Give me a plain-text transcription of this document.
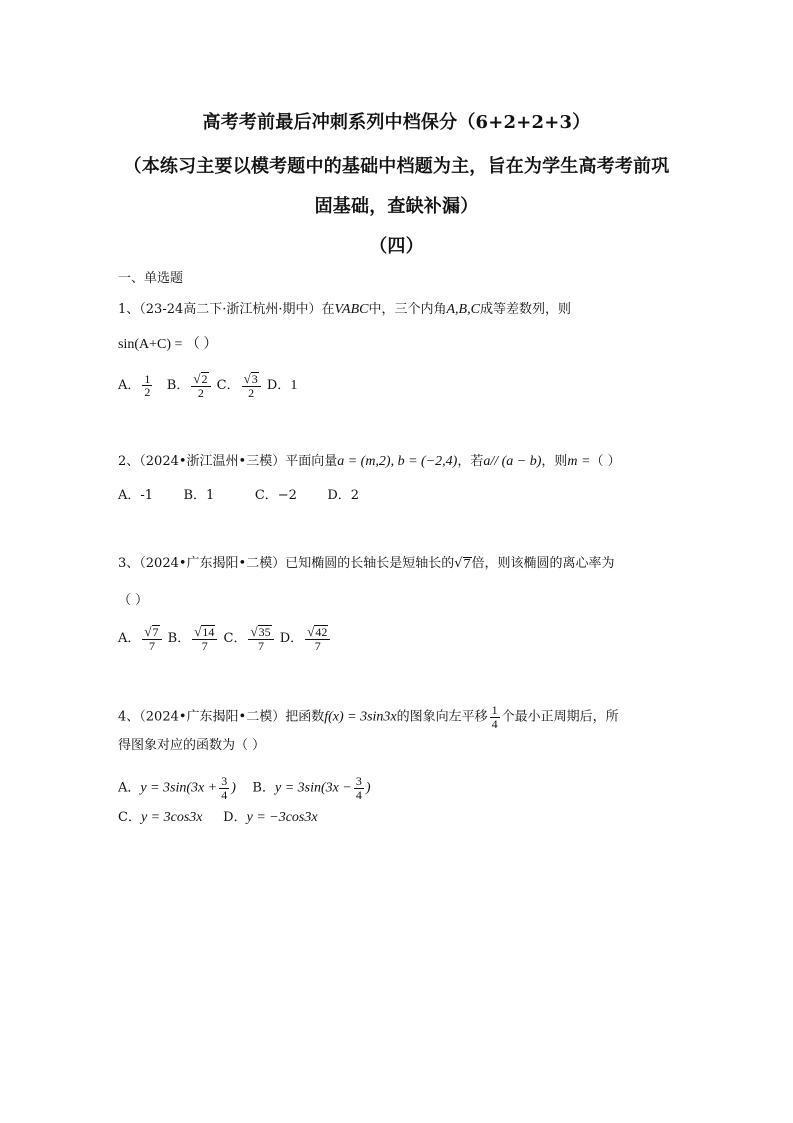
高考考前最后冲刺系列中档保分（6+2+2+3）
（本练习主要以模考题中的基础中档题为主，旨在为学生高考考前巩
固基础，查缺补漏）
（四）
一、单选题
1、（23-24高二下·浙江杭州·期中）在VABC中，三个内角A,B,C成等差数列，则
sin(A+C) = （ ）
A． $\frac{1}{2}$ B． $\frac{√ 2}{2}$ C． $\frac{√ 3}{2}$ D．1
2、（2024•浙江温州•三模）平面向量a = (m,2), b = (−2,4)，若a// (a − b)，则m =（ ）
A．-1 B．1	C．−2 D．2
3、（2024•广东揭阳•二模）已知椭圆的长轴长是短轴长的 √ 7 倍，则该椭圆的离心率为
（ ）
A． $\frac{√ 7}{7}$ B． $\frac{√ 14}{7}$ C． $\frac{√ 35}{7}$ D． $\frac{√ 42}{7}$
4、（2024•广东揭阳•二模）把函数f(x) = 3sin3x的图象向左平移 $\frac{1}{4}$ 个最小正周期后，所
得图象对应的函数为（ ）
A．$y = 3\sin(3x + \frac{3}{4}$ ) B．$y = 3\sin(3x - \frac{3}{4}$ )
C．y = 3cos3x D．y = −3cos3x
